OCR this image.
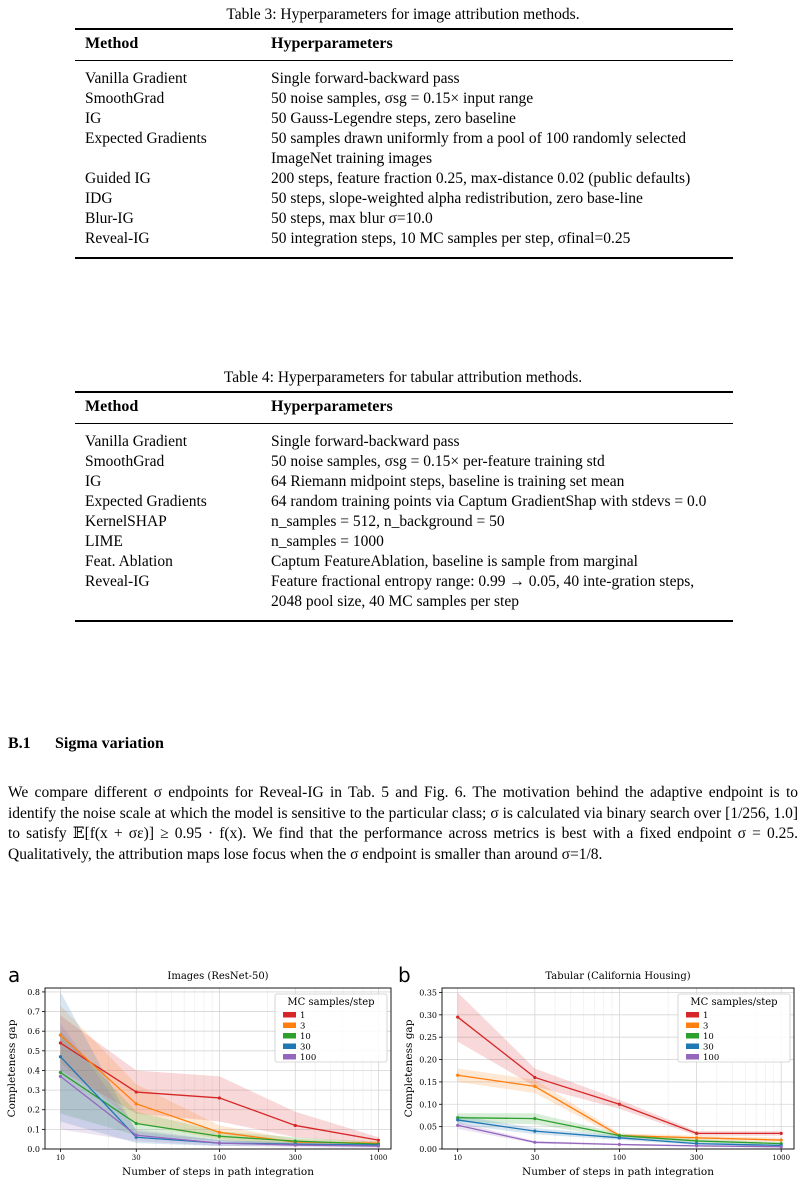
Table 3: Hyperparameters for image attribution methods.
Method	Hyperparameters
Vanilla Gradient	Single forward-backward pass
SmoothGrad	50 noise samples, σsg = 0.15× input range
IG	50 Gauss-Legendre steps, zero baseline
Expected Gradients	50 samples drawn uniformly from a pool of 100 randomly selected ImageNet training images
Guided IG	200 steps, feature fraction 0.25, max-distance 0.02 (public defaults)
IDG	50 steps, slope-weighted alpha redistribution, zero base-line
Blur-IG	50 steps, max blur σ=10.0
Reveal-IG	50 integration steps, 10 MC samples per step, σfinal=0.25
Table 4: Hyperparameters for tabular attribution methods.
Method	Hyperparameters
Vanilla Gradient	Single forward-backward pass
SmoothGrad	50 noise samples, σsg = 0.15× per-feature training std
IG	64 Riemann midpoint steps, baseline is training set mean
Expected Gradients	64 random training points via Captum GradientShap with stdevs = 0.0
KernelSHAP	n_samples = 512, n_background = 50
LIME	n_samples = 1000
Feat. Ablation	Captum FeatureAblation, baseline is sample from marginal
Reveal-IG	Feature fractional entropy range: 0.99 → 0.05, 40 inte-gration steps, 2048 pool size, 40 MC samples per step
B.1 Sigma variation
We compare different σ endpoints for Reveal-IG in Tab. 5 and Fig. 6. The motivation behind the adaptive endpoint is to identify the noise scale at which the model is sensitive to the particular class; σ is calculated via binary search over [1/256, 1.0] to satisfy 𝔼[f(x + σε)] ≥ 0.95 · f(x). We find that the performance across metrics is best with a fixed endpoint σ = 0.25. Qualitatively, the attribution maps lose focus when the σ endpoint is smaller than around σ=1/8.
a	b
0.0
0.1
0.2
0.3
0.4
0.5
0.6
0.7
0.8
10	30	100	300	1000
Images (ResNet-50)
Number of steps in path integration
Completeness gap
MC samples/step
1
3
10
30
100
0.00
0.05
0.10
0.15
0.20
0.25
0.30
0.35
10	30	100	300	1000
Tabular (California Housing)
Number of steps in path integration
Completeness gap
MC samples/step
1
3
10
30
100
